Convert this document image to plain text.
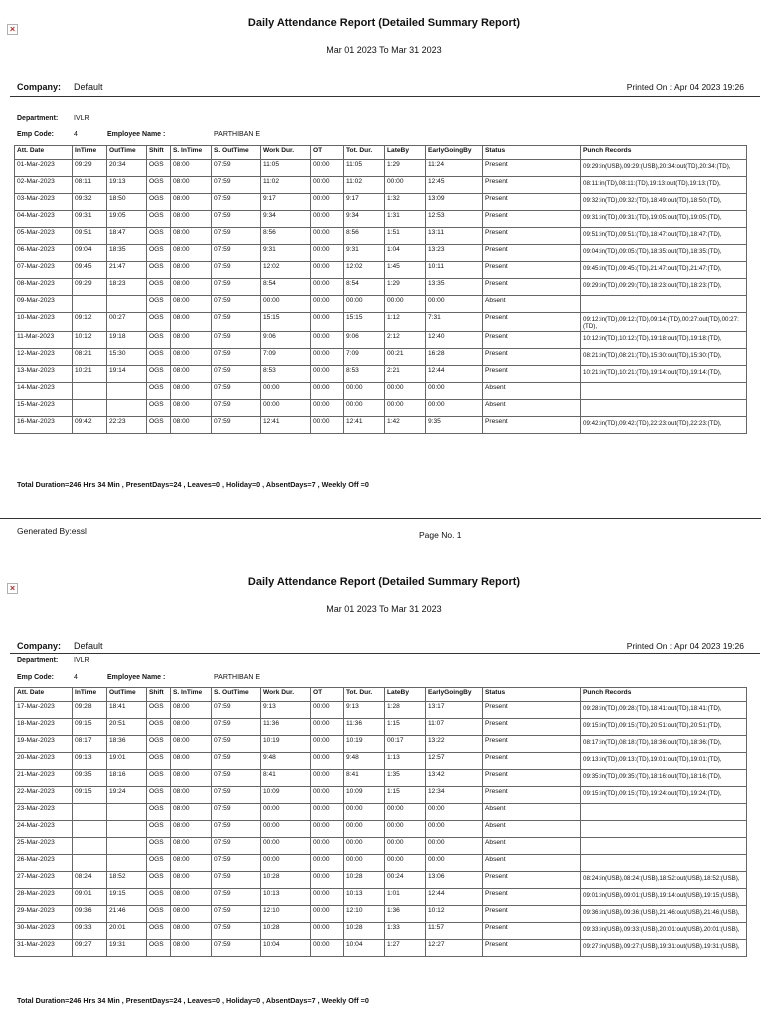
×	Daily Attendance Report (Detailed Summary Report)
Mar 01 2023 To Mar 31 2023
Company: Default	Printed On : Apr 04 2023 19:26
Department: IVLR
Emp Code:	4	Employee Name :	PARTHIBAN E
Att. Date	InTime	OutTime	Shift	S. InTime	S. OutTime	Work Dur.	OT	Tot. Dur.	LateBy	EarlyGoingBy	Status	Punch Records
01-Mar-2023	09:29	20:34	OGS	08:00	07:59	11:05	00:00	11:05	1:29	11:24	Present	09:29:in(USB),09:29:(USB),20:34:out(TD),20:34:(TD),

02-Mar-2023	08:11	19:13	OGS	08:00	07:59	11:02	00:00	11:02	00:00	12:45	Present	08:11:in(TD),08:11:(TD),19:13:out(TD),19:13:(TD),

03-Mar-2023	09:32	18:50	OGS	08:00	07:59	9:17	00:00	9:17	1:32	13:09	Present	09:32:in(TD),09:32:(TD),18:49:out(TD),18:50:(TD),

04-Mar-2023	09:31	19:05	OGS	08:00	07:59	9:34	00:00	9:34	1:31	12:53	Present	09:31:in(TD),09:31:(TD),19:05:out(TD),19:05:(TD),

05-Mar-2023	09:51	18:47	OGS	08:00	07:59	8:56	00:00	8:56	1:51	13:11	Present	09:51:in(TD),09:51:(TD),18:47:out(TD),18:47:(TD),

06-Mar-2023	09:04	18:35	OGS	08:00	07:59	9:31	00:00	9:31	1:04	13:23	Present	09:04:in(TD),09:05:(TD),18:35:out(TD),18:35:(TD),

07-Mar-2023	09:45	21:47	OGS	08:00	07:59	12:02	00:00	12:02	1:45	10:11	Present	09:45:in(TD),09:45:(TD),21:47:out(TD),21:47:(TD),

08-Mar-2023	09:29	18:23	OGS	08:00	07:59	8:54	00:00	8:54	1:29	13:35	Present	09:29:in(TD),09:29:(TD),18:23:out(TD),18:23:(TD),

09-Mar-2023			OGS	08:00	07:59	00:00	00:00	00:00	00:00	00:00	Absent	

10-Mar-2023	09:12	00:27	OGS	08:00	07:59	15:15	00:00	15:15	1:12	7:31	Present	09:12:in(TD),09:12:(TD),09:14:(TD),00:27:out(TD),00:27:(TD),

11-Mar-2023	10:12	19:18	OGS	08:00	07:59	9:06	00:00	9:06	2:12	12:40	Present	10:12:in(TD),10:12:(TD),19:18:out(TD),19:18:(TD),

12-Mar-2023	08:21	15:30	OGS	08:00	07:59	7:09	00:00	7:09	00:21	16:28	Present	08:21:in(TD),08:21:(TD),15:30:out(TD),15:30:(TD),

13-Mar-2023	10:21	19:14	OGS	08:00	07:59	8:53	00:00	8:53	2:21	12:44	Present	10:21:in(TD),10:21:(TD),19:14:out(TD),19:14:(TD),

14-Mar-2023			OGS	08:00	07:59	00:00	00:00	00:00	00:00	00:00	Absent	

15-Mar-2023			OGS	08:00	07:59	00:00	00:00	00:00	00:00	00:00	Absent	

16-Mar-2023	09:42	22:23	OGS	08:00	07:59	12:41	00:00	12:41	1:42	9:35	Present	09:42:in(TD),09:42:(TD),22:23:out(TD),22:23:(TD),
Total Duration=246 Hrs 34 Min , PresentDays=24 , Leaves=0 , Holiday=0 , AbsentDays=7 , Weekly Off =0
Generated By:essl	Page No. 1
×	Daily Attendance Report (Detailed Summary Report)
Mar 01 2023 To Mar 31 2023
Company: Default	Printed On : Apr 04 2023 19:26
Department: IVLR
Emp Code:	4	Employee Name :	PARTHIBAN E
Att. Date	InTime	OutTime	Shift	S. InTime	S. OutTime	Work Dur.	OT	Tot. Dur.	LateBy	EarlyGoingBy	Status	Punch Records
17-Mar-2023	09:28	18:41	OGS	08:00	07:59	9:13	00:00	9:13	1:28	13:17	Present	09:28:in(TD),09:28:(TD),18:41:out(TD),18:41:(TD),

18-Mar-2023	09:15	20:51	OGS	08:00	07:59	11:36	00:00	11:36	1:15	11:07	Present	09:15:in(TD),09:15:(TD),20:51:out(TD),20:51:(TD),

19-Mar-2023	08:17	18:36	OGS	08:00	07:59	10:19	00:00	10:19	00:17	13:22	Present	08:17:in(TD),08:18:(TD),18:36:out(TD),18:36:(TD),

20-Mar-2023	09:13	19:01	OGS	08:00	07:59	9:48	00:00	9:48	1:13	12:57	Present	09:13:in(TD),09:13:(TD),19:01:out(TD),19:01:(TD),

21-Mar-2023	09:35	18:16	OGS	08:00	07:59	8:41	00:00	8:41	1:35	13:42	Present	09:35:in(TD),09:35:(TD),18:16:out(TD),18:16:(TD),

22-Mar-2023	09:15	19:24	OGS	08:00	07:59	10:09	00:00	10:09	1:15	12:34	Present	09:15:in(TD),09:15:(TD),19:24:out(TD),19:24:(TD),

23-Mar-2023			OGS	08:00	07:59	00:00	00:00	00:00	00:00	00:00	Absent	

24-Mar-2023			OGS	08:00	07:59	00:00	00:00	00:00	00:00	00:00	Absent	

25-Mar-2023			OGS	08:00	07:59	00:00	00:00	00:00	00:00	00:00	Absent	

26-Mar-2023			OGS	08:00	07:59	00:00	00:00	00:00	00:00	00:00	Absent	

27-Mar-2023	08:24	18:52	OGS	08:00	07:59	10:28	00:00	10:28	00:24	13:06	Present	08:24:in(USB),08:24:(USB),18:52:out(USB),18:52:(USB),

28-Mar-2023	09:01	19:15	OGS	08:00	07:59	10:13	00:00	10:13	1:01	12:44	Present	09:01:in(USB),09:01:(USB),19:14:out(USB),19:15:(USB),

29-Mar-2023	09:36	21:46	OGS	08:00	07:59	12:10	00:00	12:10	1:36	10:12	Present	09:36:in(USB),09:36:(USB),21:46:out(USB),21:46:(USB),

30-Mar-2023	09:33	20:01	OGS	08:00	07:59	10:28	00:00	10:28	1:33	11:57	Present	09:33:in(USB),09:33:(USB),20:01:out(USB),20:01:(USB),

31-Mar-2023	09:27	19:31	OGS	08:00	07:59	10:04	00:00	10:04	1:27	12:27	Present	09:27:in(USB),09:27:(USB),19:31:out(USB),19:31:(USB),
Total Duration=246 Hrs 34 Min , PresentDays=24 , Leaves=0 , Holiday=0 , AbsentDays=7 , Weekly Off =0
